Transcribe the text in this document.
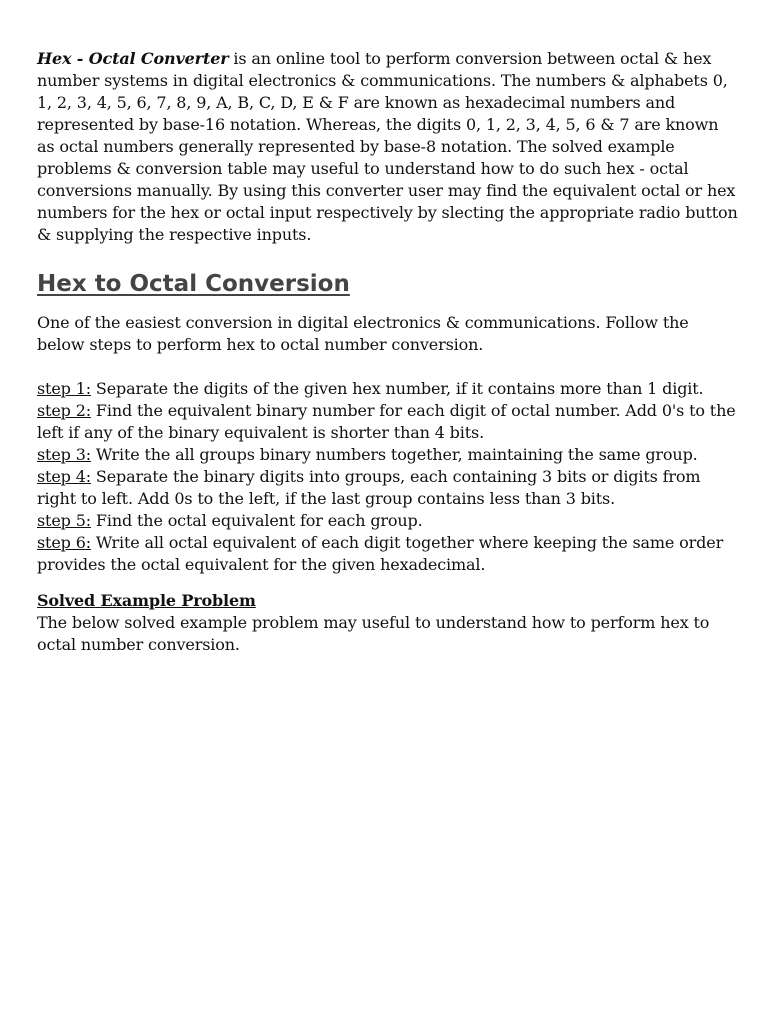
Hex - Octal Converter is an online tool to perform conversion between octal & hex number systems in digital electronics & communications. The numbers & alphabets 0, 1, 2, 3, 4, 5, 6, 7, 8, 9, A, B, C, D, E & F are known as hexadecimal numbers and represented by base-16 notation. Whereas, the digits 0, 1, 2, 3, 4, 5, 6 & 7 are known as octal numbers generally represented by base-8 notation. The solved example problems & conversion table may useful to understand how to do such hex - octal conversions manually. By using this converter user may find the equivalent octal or hex numbers for the hex or octal input respectively by slecting the appropriate radio button & supplying the respective inputs.

Hex to Octal Conversion

One of the easiest conversion in digital electronics & communications. Follow the below steps to perform hex to octal number conversion.

step 1: Separate the digits of the given hex number, if it contains more than 1 digit.

step 2: Find the equivalent binary number for each digit of octal number. Add 0's to the left if any of the binary equivalent is shorter than 4 bits.

step 3: Write the all groups binary numbers together, maintaining the same group.

step 4: Separate the binary digits into groups, each containing 3 bits or digits from right to left. Add 0s to the left, if the last group contains less than 3 bits.

step 5: Find the octal equivalent for each group.

step 6: Write all octal equivalent of each digit together where keeping the same order provides the octal equivalent for the given hexadecimal.

Solved Example Problem

The below solved example problem may useful to understand how to perform hex to octal number conversion.
